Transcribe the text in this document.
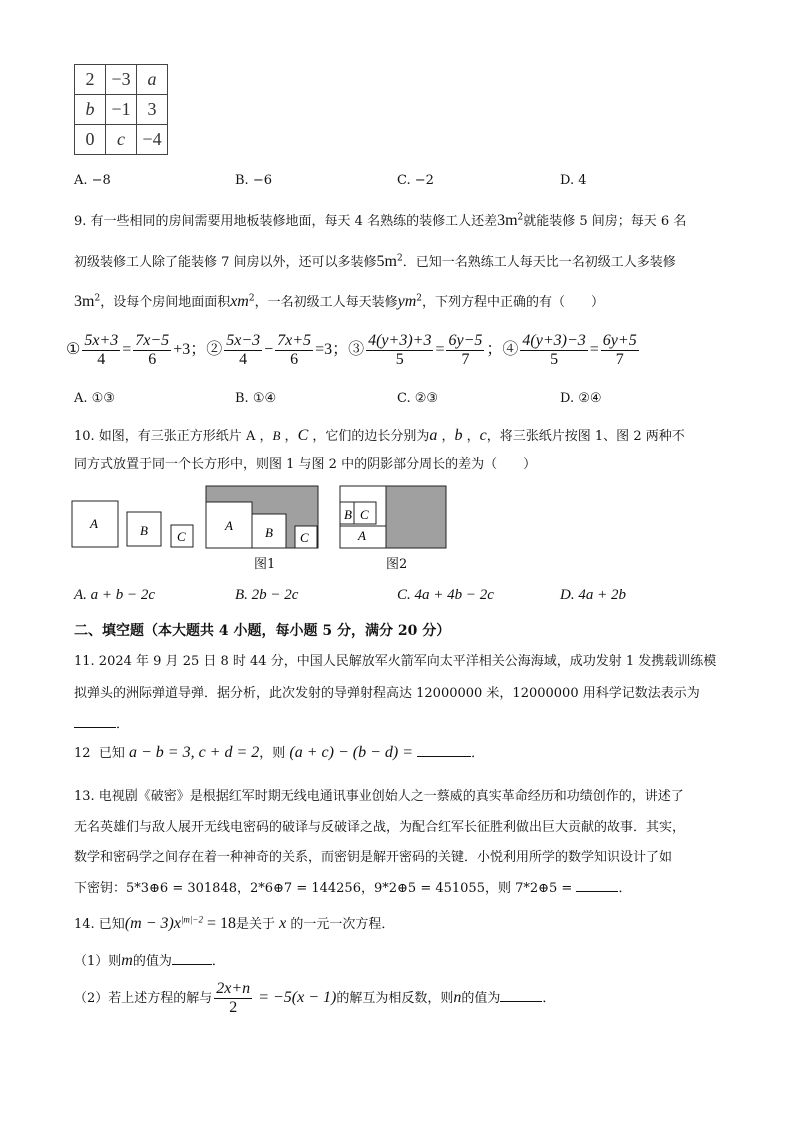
2	−3	a
b	−1	3
0	c	−4
A. −8	B. −6	C. −2	D. 4
9. 有一些相同的房间需要用地板装修地面，每天 4 名熟练的装修工人还差$3m^2$就能装修 5 间房；每天 6 名
初级装修工人除了能装修 7 间房以外，还可以多装修$5m^2$．已知一名熟练工人每天比一名初级工人多装修
$3m^2$，设每个房间地面面积$xm^2$，一名初级工人每天装修$ym^2$，下列方程中正确的有（　　）
① $\frac{5x+3}{4} = \frac{7x-5}{6} +3$；② $\frac{5x-3}{4} - \frac{7x+5}{6} =3$；③ $\frac{4(y+3)+3}{5} = \frac{6y-5}{7}$ ；④ $\frac{4(y+3)-3}{5} = \frac{6y+5}{7}$
A. ①③	B. ①④	C. ②③	D. ②④
10. 如图，有三张正方形纸片 A ，B ，C ，它们的边长分别为a ，b ，c，将三张纸片按图 1、图 2 两种不
同方式放置于同一个长方形中，则图 1 与图 2 中的阴影部分周长的差为（　　）
A	B C
A B C	A
B C
图1	图2
A. a + b − 2c	B. 2b − 2c	C. 4a + 4b − 2c	D. 4a + 2b
二、填空题（本大题共 4 小题，每小题 5 分，满分 20 分）
11. 2024 年 9 月 25 日 8 时 44 分，中国人民解放军火箭军向太平洋相关公海海域，成功发射 1 发携载训练模
拟弹头的洲际弹道导弹．据分析，此次发射的导弹射程高达 12000000 米，12000000 用科学记数法表示为
．
12 已知 a − b = 3, c + d = 2，则 (a + c) − (b − d) =	．
13. 电视剧《破密》是根据红军时期无线电通讯事业创始人之一蔡威的真实革命经历和功绩创作的，讲述了
无名英雄们与敌人展开无线电密码的破译与反破译之战，为配合红军长征胜利做出巨大贡献的故事．其实，
数学和密码学之间存在着一种神奇的关系，而密钥是解开密码的关键．小悦利用所学的数学知识设计了如
下密钥：5*3⊕6 = 301848，2*6⊕7 = 144256，9*2⊕5 = 451055，则 7*2⊕5 =	．
14. 已知$(m - 3)x^{|m|-2} = 18$是关于 x 的一元一次方程．
（1）则m的值为	．
（2）若上述方程的解与 $\frac{2x+n}{2} = -5(x - 1)$的解互为相反数，则n的值为	．
